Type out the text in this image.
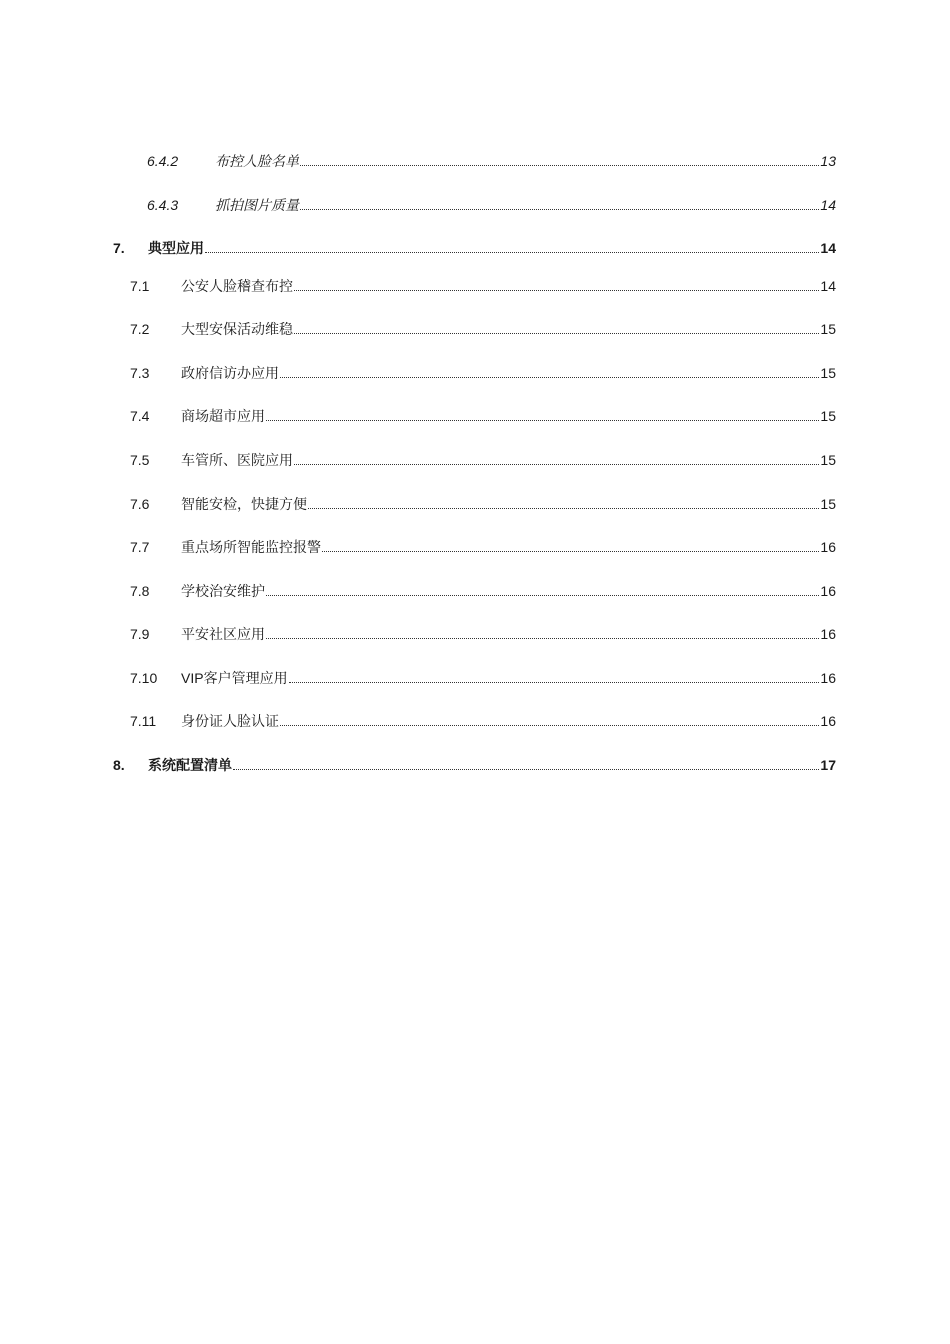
6.4.2	布控人脸名单	13
6.4.3	抓拍图片质量	14
7.	典型应用	14
7.1	公安人脸稽查布控	14
7.2	大型安保活动维稳	15
7.3	政府信访办应用	15
7.4	商场超市应用	15
7.5	车管所、医院应用	15
7.6	智能安检，快捷方便	15
7.7	重点场所智能监控报警	16
7.8	学校治安维护	16
7.9	平安社区应用	16
7.10	VIP客户管理应用	16
7.11	身份证人脸认证	16
8.	系统配置清单	17
